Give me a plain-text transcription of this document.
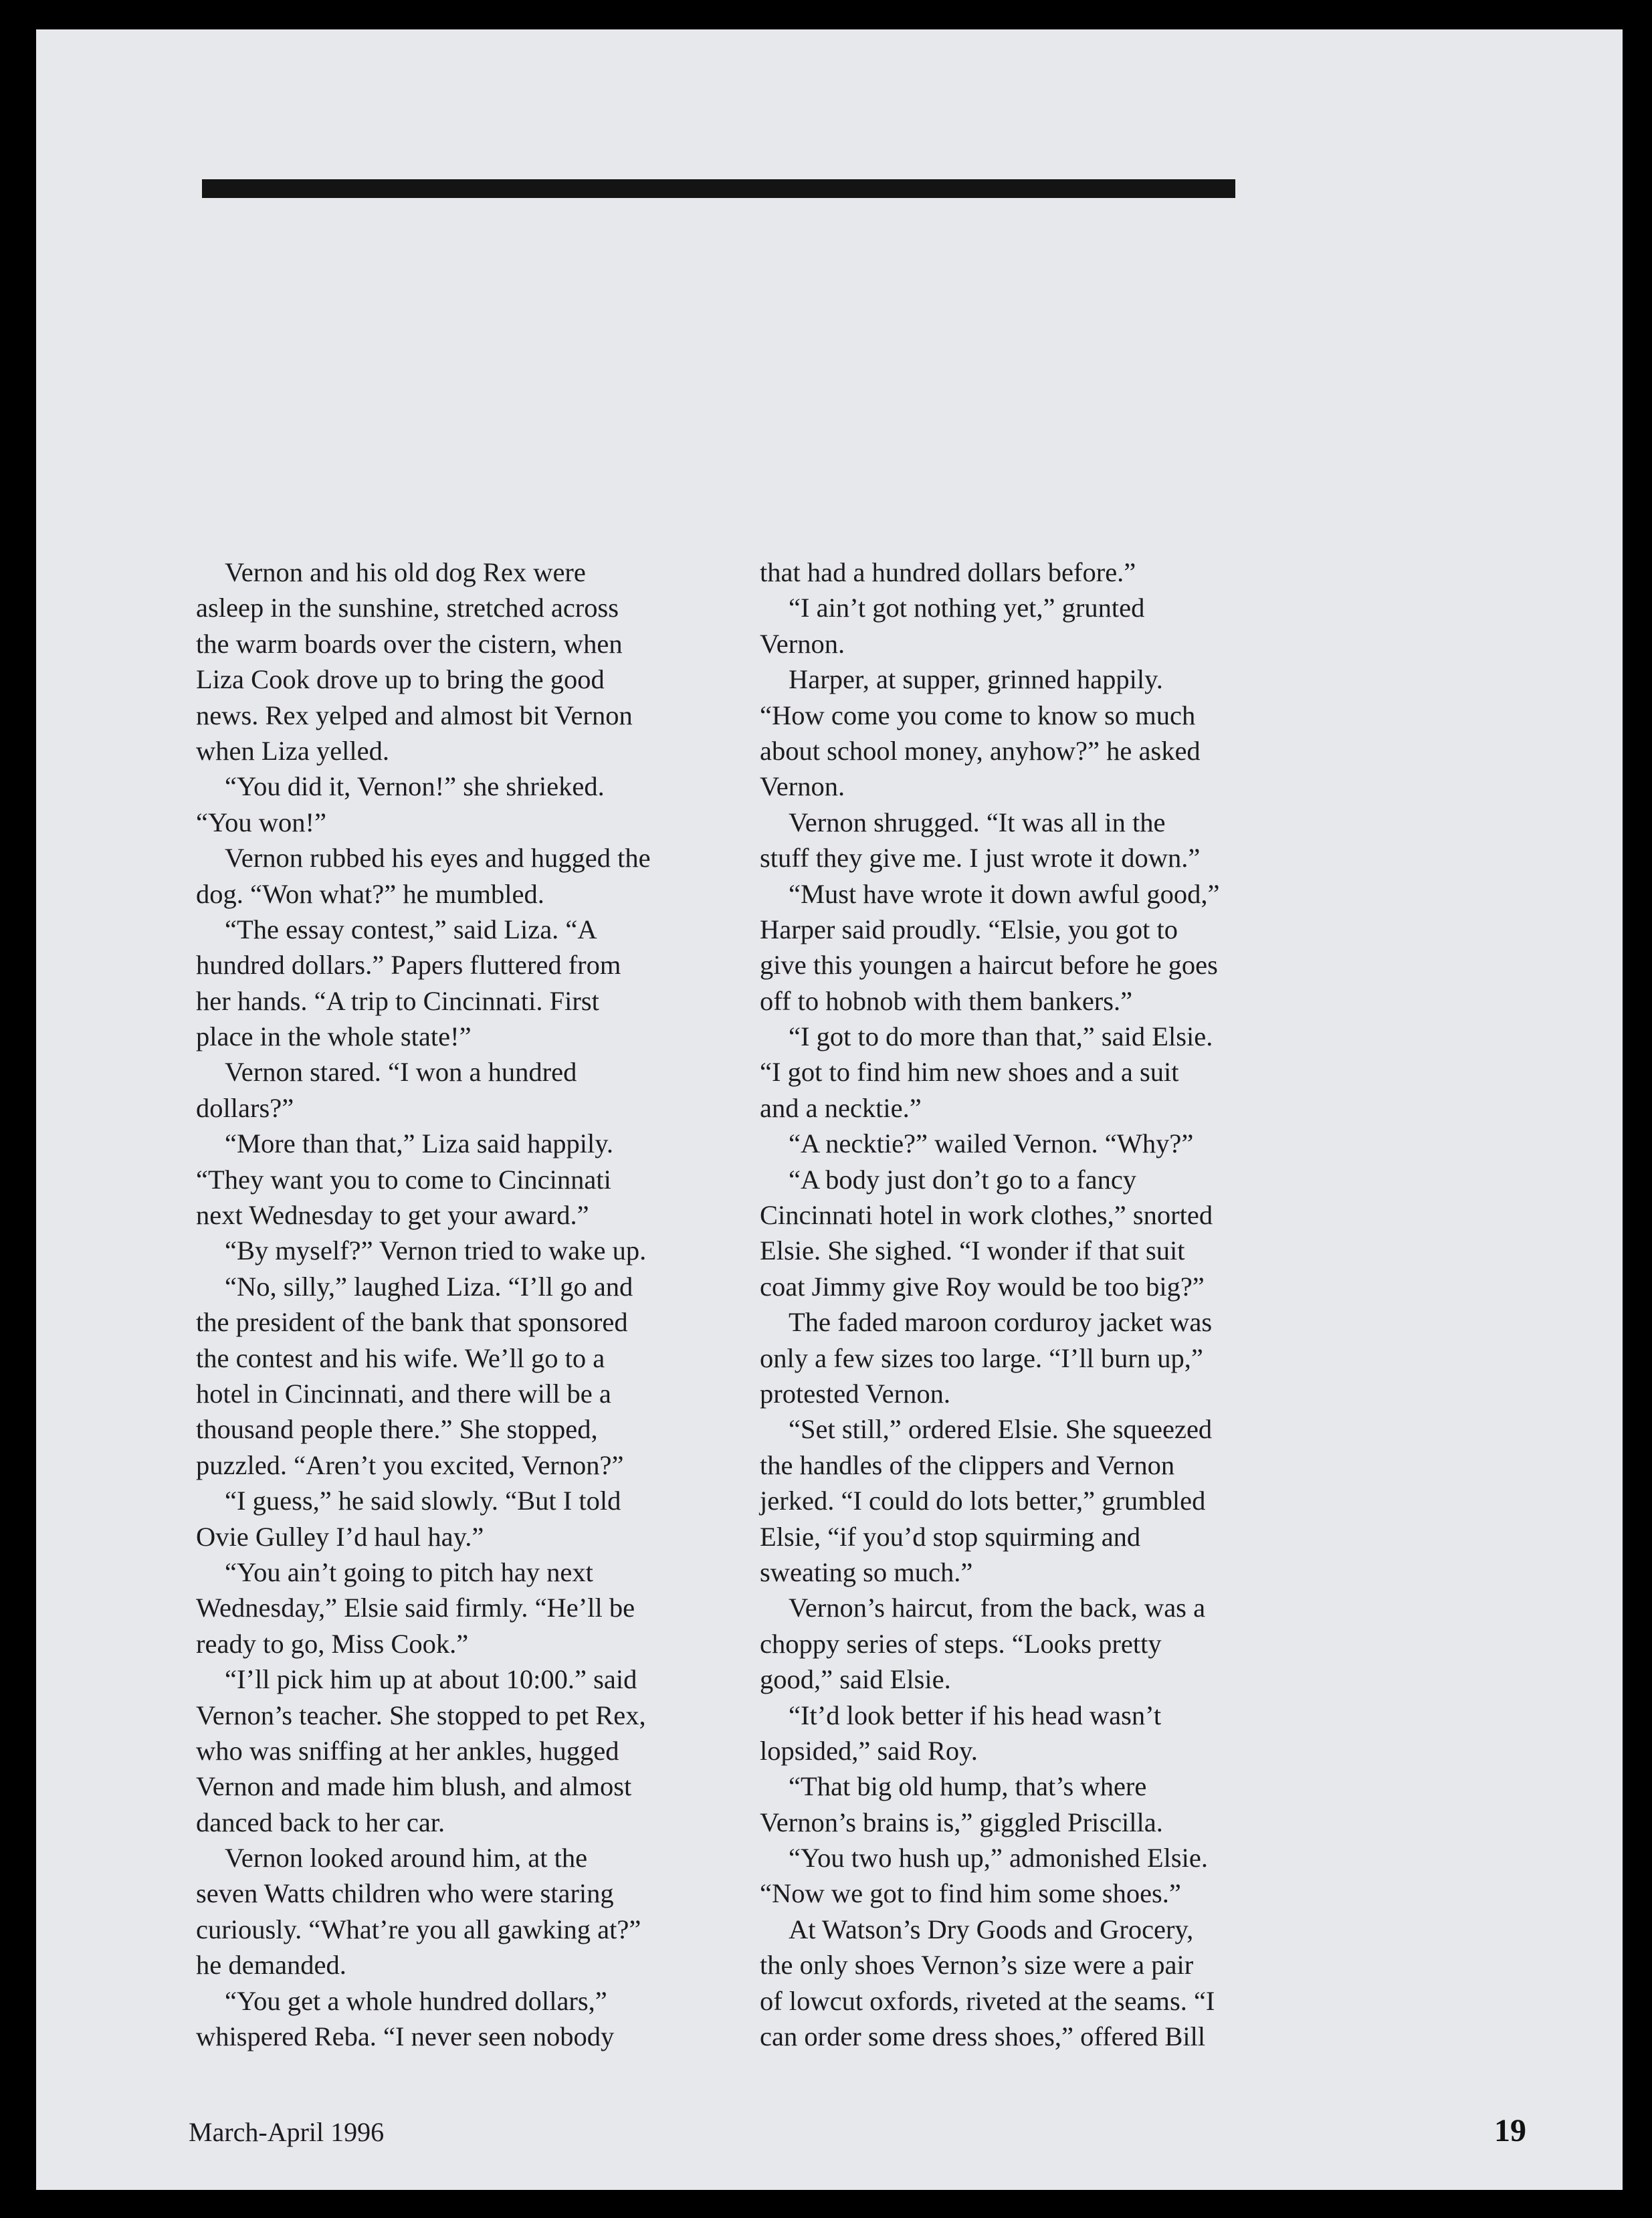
Vernon and his old dog Rex were
asleep in the sunshine, stretched across
the warm boards over the cistern, when
Liza Cook drove up to bring the good
news. Rex yelped and almost bit Vernon
when Liza yelled.
“You did it, Vernon!” she shrieked.
“You won!”
Vernon rubbed his eyes and hugged the
dog. “Won what?” he mumbled.
“The essay contest,” said Liza. “A
hundred dollars.” Papers fluttered from
her hands. “A trip to Cincinnati. First
place in the whole state!”
Vernon stared. “I won a hundred
dollars?”
“More than that,” Liza said happily.
“They want you to come to Cincinnati
next Wednesday to get your award.”
“By myself?” Vernon tried to wake up.
“No, silly,” laughed Liza. “I’ll go and
the president of the bank that sponsored
the contest and his wife. We’ll go to a
hotel in Cincinnati, and there will be a
thousand people there.” She stopped,
puzzled. “Aren’t you excited, Vernon?”
“I guess,” he said slowly. “But I told
Ovie Gulley I’d haul hay.”
“You ain’t going to pitch hay next
Wednesday,” Elsie said firmly. “He’ll be
ready to go, Miss Cook.”
“I’ll pick him up at about 10:00.” said
Vernon’s teacher. She stopped to pet Rex,
who was sniffing at her ankles, hugged
Vernon and made him blush, and almost
danced back to her car.
Vernon looked around him, at the
seven Watts children who were staring
curiously. “What’re you all gawking at?”
he demanded.
“You get a whole hundred dollars,”
whispered Reba. “I never seen nobody
that had a hundred dollars before.”
“I ain’t got nothing yet,” grunted
Vernon.
Harper, at supper, grinned happily.
“How come you come to know so much
about school money, anyhow?” he asked
Vernon.
Vernon shrugged. “It was all in the
stuff they give me. I just wrote it down.”
“Must have wrote it down awful good,”
Harper said proudly. “Elsie, you got to
give this youngen a haircut before he goes
off to hobnob with them bankers.”
“I got to do more than that,” said Elsie.
“I got to find him new shoes and a suit
and a necktie.”
“A necktie?” wailed Vernon. “Why?”
“A body just don’t go to a fancy
Cincinnati hotel in work clothes,” snorted
Elsie. She sighed. “I wonder if that suit
coat Jimmy give Roy would be too big?”
The faded maroon corduroy jacket was
only a few sizes too large. “I’ll burn up,”
protested Vernon.
“Set still,” ordered Elsie. She squeezed
the handles of the clippers and Vernon
jerked. “I could do lots better,” grumbled
Elsie, “if you’d stop squirming and
sweating so much.”
Vernon’s haircut, from the back, was a
choppy series of steps. “Looks pretty
good,” said Elsie.
“It’d look better if his head wasn’t
lopsided,” said Roy.
“That big old hump, that’s where
Vernon’s brains is,” giggled Priscilla.
“You two hush up,” admonished Elsie.
“Now we got to find him some shoes.”
At Watson’s Dry Goods and Grocery,
the only shoes Vernon’s size were a pair
of lowcut oxfords, riveted at the seams. “I
can order some dress shoes,” offered Bill
March-April 1996	19
